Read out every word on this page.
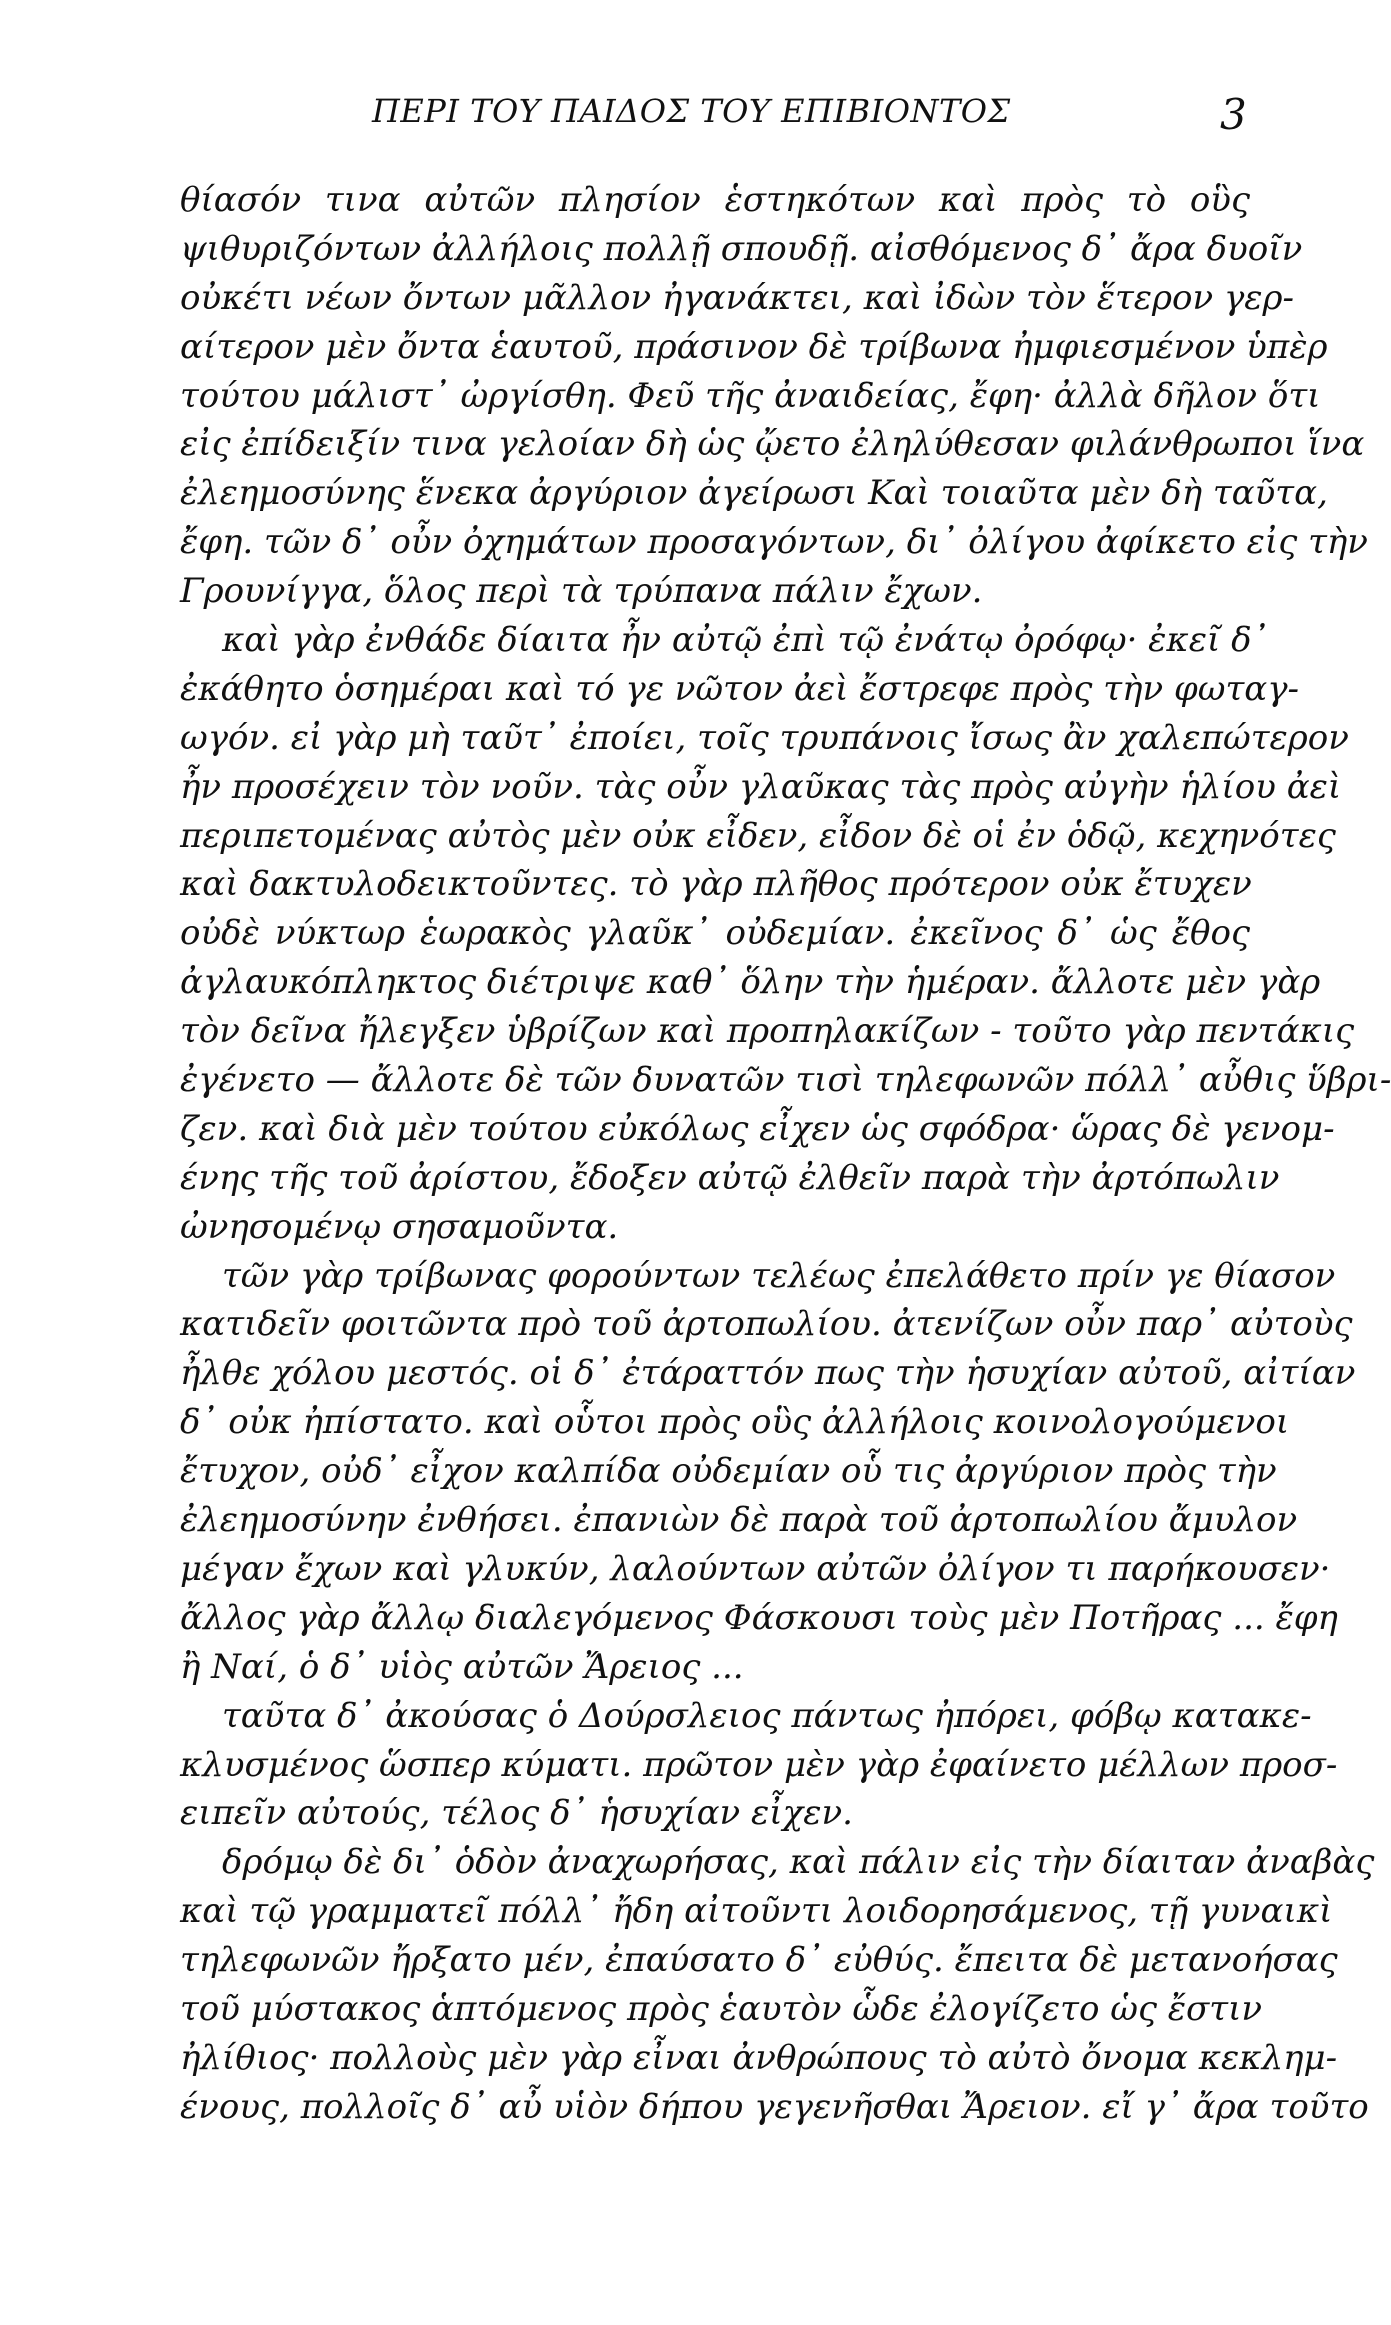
ΠΕΡΙ ΤΟΥ ΠΑΙΔΟΣ ΤΟΥ ΕΠΙΒΙΟΝΤΟΣ	3
θίασόν τινα αὐτῶν πλησίον ἑστηκότων καὶ πρὸς τὸ οὓς
ψιθυριζόντων ἀλλήλοις πολλῇ σπουδῇ. αἰσθόμενος δ᾽ ἄρα δυοῖν
οὐκέτι νέων ὄντων μᾶλλον ἠγανάκτει, καὶ ἰδὼν τὸν ἕτερον γερ-
αίτερον μὲν ὄντα ἑαυτοῦ, πράσινον δὲ τρίβωνα ἠμφιεσμένον ὑπὲρ
τούτου μάλιστ᾽ ὠργίσθη. Φεῦ τῆς ἀναιδείας, ἔφη· ἀλλὰ δῆλον ὅτι
εἰς ἐπίδειξίν τινα γελοίαν δὴ ὡς ᾤετο ἐληλύθεσαν φιλάνθρωποι ἵνα
ἐλεημοσύνης ἕνεκα ἀργύριον ἀγείρωσι Καὶ τοιαῦτα μὲν δὴ ταῦτα,
ἔφη. τῶν δ᾽ οὖν ὀχημάτων προσαγόντων, δι᾽ ὀλίγου ἀφίκετο εἰς τὴν
Γρουνίγγα, ὅλος περὶ τὰ τρύπανα πάλιν ἔχων.
καὶ γὰρ ἐνθάδε δίαιτα ἦν αὐτῷ ἐπὶ τῷ ἐνάτῳ ὀρόφῳ· ἐκεῖ δ᾽
ἐκάθητο ὁσημέραι καὶ τό γε νῶτον ἀεὶ ἔστρεφε πρὸς τὴν φωταγ-
ωγόν. εἰ γὰρ μὴ ταῦτ᾽ ἐποίει, τοῖς τρυπάνοις ἴσως ἂν χαλεπώτερον
ἦν προσέχειν τὸν νοῦν. τὰς οὖν γλαῦκας τὰς πρὸς αὐγὴν ἡλίου ἀεὶ
περιπετομένας αὐτὸς μὲν οὐκ εἶδεν, εἶδον δὲ οἱ ἐν ὁδῷ, κεχηνότες
καὶ δακτυλοδεικτοῦντες. τὸ γὰρ πλῆθος πρότερον οὐκ ἔτυχεν
οὐδὲ νύκτωρ ἑωρακὸς γλαῦκ᾽ οὐδεμίαν. ἐκεῖνος δ᾽ ὡς ἔθος
ἀγλαυκόπληκτος διέτριψε καθ᾽ ὅλην τὴν ἡμέραν. ἄλλοτε μὲν γὰρ
τὸν δεῖνα ἤλεγξεν ὑβρίζων καὶ προπηλακίζων - τοῦτο γὰρ πεντάκις
ἐγένετο — ἄλλοτε δὲ τῶν δυνατῶν τισὶ τηλεφωνῶν πόλλ᾽ αὖθις ὕβρι-
ζεν. καὶ διὰ μὲν τούτου εὐκόλως εἶχεν ὡς σφόδρα· ὥρας δὲ γενομ-
ένης τῆς τοῦ ἀρίστου, ἔδοξεν αὐτῷ ἐλθεῖν παρὰ τὴν ἀρτόπωλιν
ὠνησομένῳ σησαμοῦντα.
τῶν γὰρ τρίβωνας φορούντων τελέως ἐπελάθετο πρίν γε θίασον
κατιδεῖν φοιτῶντα πρὸ τοῦ ἀρτοπωλίου. ἀτενίζων οὖν παρ᾽ αὐτοὺς
ἦλθε χόλου μεστός. οἱ δ᾽ ἐτάραττόν πως τὴν ἡσυχίαν αὐτοῦ, αἰτίαν
δ᾽ οὐκ ἠπίστατο. καὶ οὗτοι πρὸς οὓς ἀλλήλοις κοινολογούμενοι
ἔτυχον, οὐδ᾽ εἶχον καλπίδα οὐδεμίαν οὗ τις ἀργύριον πρὸς τὴν
ἐλεημοσύνην ἐνθήσει. ἐπανιὼν δὲ παρὰ τοῦ ἀρτοπωλίου ἄμυλον
μέγαν ἔχων καὶ γλυκύν, λαλούντων αὐτῶν ὀλίγον τι παρήκουσεν·
ἄλλος γὰρ ἄλλῳ διαλεγόμενος Φάσκουσι τοὺς μὲν Ποτῆρας ... ἔφη
ἢ Ναί, ὁ δ᾽ υἱὸς αὐτῶν Ἄρειος ...
ταῦτα δ᾽ ἀκούσας ὁ Δούρσλειος πάντως ἠπόρει, φόβῳ κατακε-
κλυσμένος ὥσπερ κύματι. πρῶτον μὲν γὰρ ἐφαίνετο μέλλων προσ-
ειπεῖν αὐτούς, τέλος δ᾽ ἡσυχίαν εἶχεν.
δρόμῳ δὲ δι᾽ ὁδὸν ἀναχωρήσας, καὶ πάλιν εἰς τὴν δίαιταν ἀναβὰς
καὶ τῷ γραμματεῖ πόλλ᾽ ἤδη αἰτοῦντι λοιδορησάμενος, τῇ γυναικὶ
τηλεφωνῶν ἤρξατο μέν, ἐπαύσατο δ᾽ εὐθύς. ἔπειτα δὲ μετανοήσας
τοῦ μύστακος ἁπτόμενος πρὸς ἑαυτὸν ὧδε ἐλογίζετο ὡς ἔστιν
ἠλίθιος· πολλοὺς μὲν γὰρ εἶναι ἀνθρώπους τὸ αὐτὸ ὄνομα κεκλημ-
ένους, πολλοῖς δ᾽ αὖ υἱὸν δήπου γεγενῆσθαι Ἄρειον. εἴ γ᾽ ἄρα τοῦτο
